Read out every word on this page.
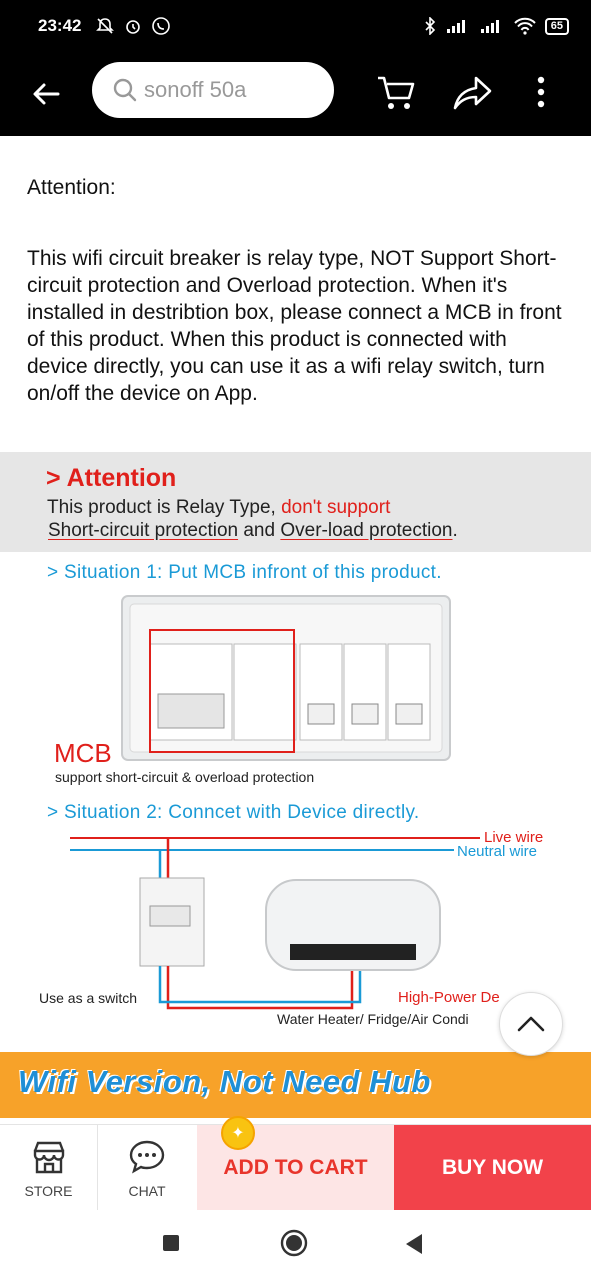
23:42	65
sonoff 50a
Attention:
This wifi circuit breaker is relay type, NOT Support Short-circuit protection and Overload protection. When it's installed in destribtion box, please connect a MCB in front of this product. When this product is connected with device directly, you can use it as a wifi relay switch, turn on/off the device on App.
> Attention
This product is Relay Type, don't support
Short-circuit protection and Over-load protection.
> Situation 1: Put MCB infront of this product.
MCB
support short-circuit & overload protection
> Situation 2: Conncet with Device directly.
Live wire
Neutral wire
Use as a switch	High-Power De
Water Heater/ Fridge/Air Condi
Wifi Version, Not Need Hub
STORE	CHAT
ADD TO CART	BUY NOW
✦
